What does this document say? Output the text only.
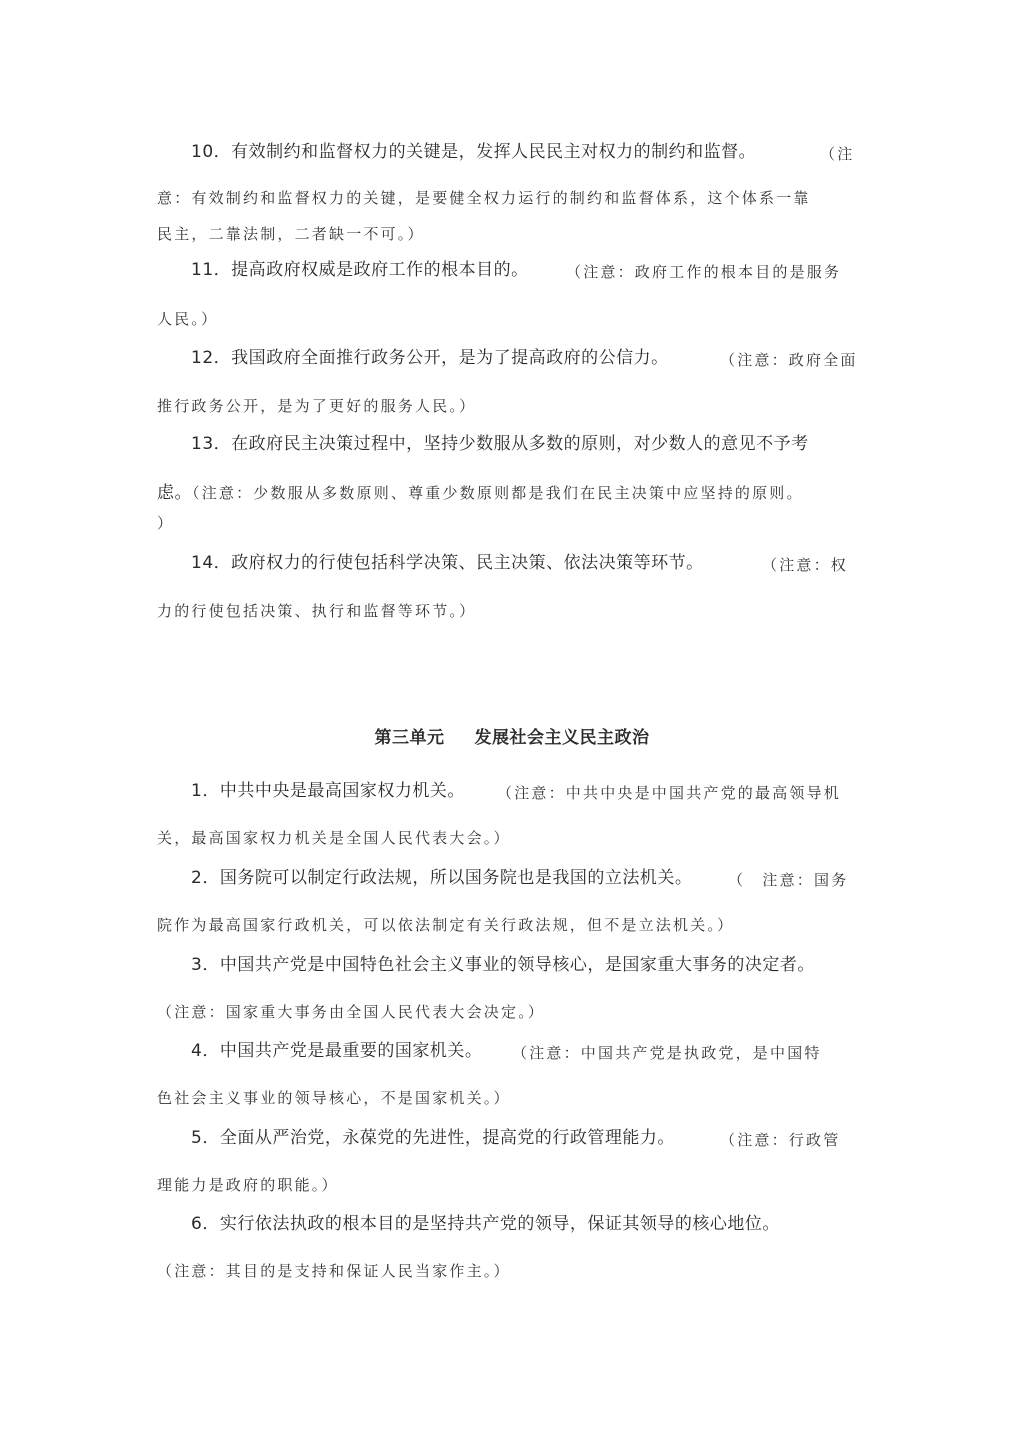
10．有效制约和监督权力的关键是，发挥人民民主对权力的制约和监督。	（注
意：有效制约和监督权力的关键，是要健全权力运行的制约和监督体系，这个体系一靠
民主，二靠法制，二者缺一不可。）
11．提高政府权威是政府工作的根本目的。 （注意：政府工作的根本目的是服务
人民。）
12．我国政府全面推行政务公开，是为了提高政府的公信力。	（注意：政府全面
推行政务公开，是为了更好的服务人民。）
13．在政府民主决策过程中，坚持少数服从多数的原则，对少数人的意见不予考
虑。（注意：少数服从多数原则、尊重少数原则都是我们在民主决策中应坚持的原则。
）
14．政府权力的行使包括科学决策、民主决策、依法决策等环节。	（注意：权
力的行使包括决策、执行和监督等环节。）
第三单元 发展社会主义民主政治
1．中共中央是最高国家权力机关。 （注意：中共中央是中国共产党的最高领导机
关，最高国家权力机关是全国人民代表大会。）
2．国务院可以制定行政法规，所以国务院也是我国的立法机关。 （　注意：国务
院作为最高国家行政机关，可以依法制定有关行政法规，但不是立法机关。）
3．中国共产党是中国特色社会主义事业的领导核心，是国家重大事务的决定者。
（注意：国家重大事务由全国人民代表大会决定。）
4．中国共产党是最重要的国家机关。 （注意：中国共产党是执政党，是中国特
色社会主义事业的领导核心，不是国家机关。）
5．全面从严治党，永葆党的先进性，提高党的行政管理能力。	（注意：行政管
理能力是政府的职能。）
6．实行依法执政的根本目的是坚持共产党的领导，保证其领导的核心地位。
（注意：其目的是支持和保证人民当家作主。）
